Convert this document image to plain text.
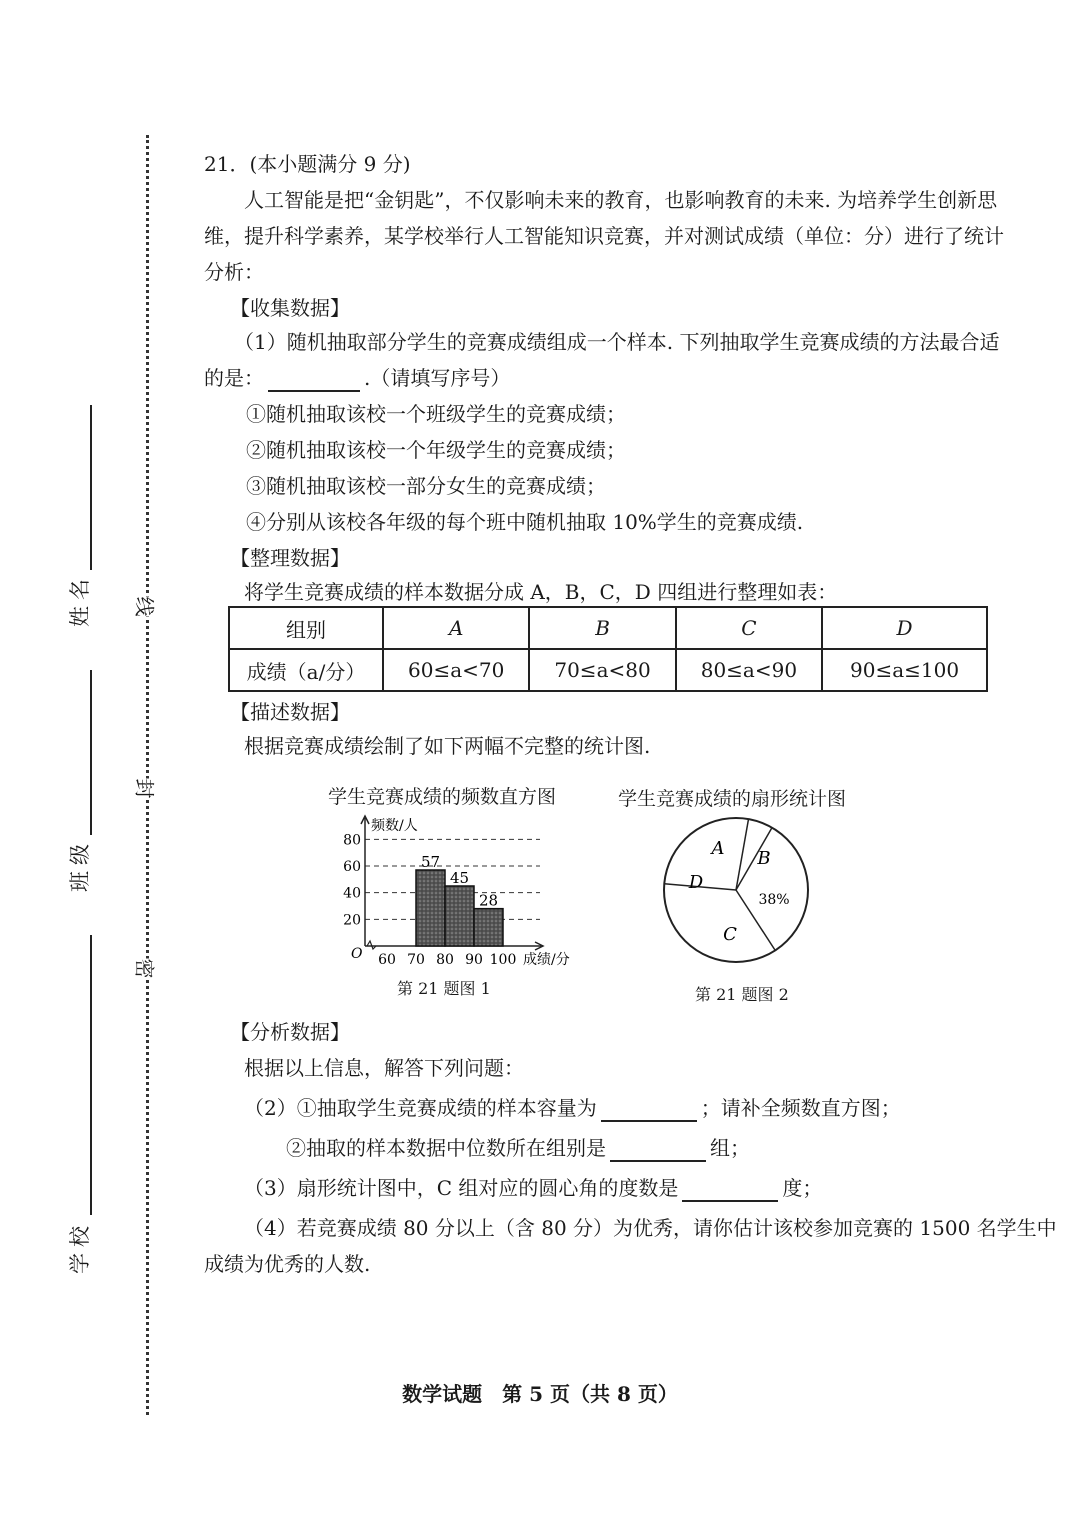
姓名
班级
学校
线
封
密
21．(本小题满分 9 分)
人工智能是把“金钥匙”，不仅影响未来的教育，也影响教育的未来. 为培养学生创新思
维，提升科学素养，某学校举行人工智能知识竞赛，并对测试成绩（单位：分）进行了统计
分析：
【收集数据】
（1）随机抽取部分学生的竞赛成绩组成一个样本. 下列抽取学生竞赛成绩的方法最合适
的是：	.（请填写序号）
①随机抽取该校一个班级学生的竞赛成绩；
②随机抽取该校一个年级学生的竞赛成绩；
③随机抽取该校一部分女生的竞赛成绩；
④分别从该校各年级的每个班中随机抽取 10%学生的竞赛成绩.
【整理数据】
将学生竞赛成绩的样本数据分成 A，B，C，D 四组进行整理如表：
组别	A	B	C	D
成绩（a/分）	60≤a<70	70≤a<80	80≤a<90	90≤a≤100
【描述数据】
根据竞赛成绩绘制了如下两幅不完整的统计图.
学生竞赛成绩的频数直方图
20
40
60
80
频数/人
成绩/分
O 60 70 80 90 100
57
45
28
第 21 题图 1
学生竞赛成绩的扇形统计图
A B
C
D
38%
第 21 题图 2
【分析数据】
根据以上信息，解答下列问题：
（2）①抽取学生竞赛成绩的样本容量为	；请补全频数直方图；
②抽取的样本数据中位数所在组别是	组；
（3）扇形统计图中，C 组对应的圆心角的度数是	度；
（4）若竞赛成绩 80 分以上（含 80 分）为优秀，请你估计该校参加竞赛的 1500 名学生中
成绩为优秀的人数.
数学试题　第 5 页（共 8 页）
